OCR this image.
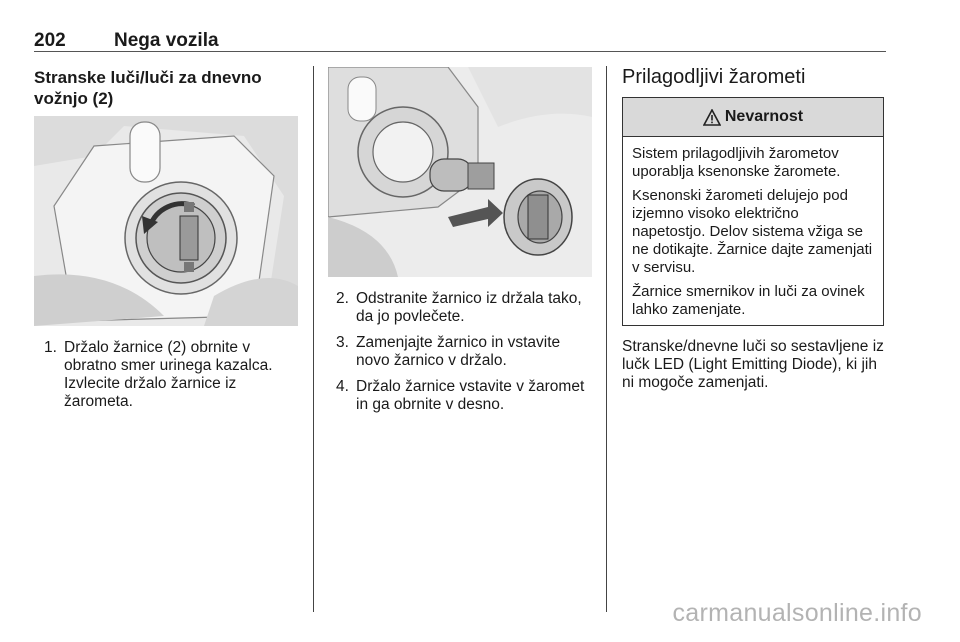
202	Nega vozila
Stranske luči/luči za dnevno vožnjo (2)
1. Držalo žarnice (2) obrnite v obratno smer urinega kazalca. Izvlecite držalo žarnice iz žarometa.
2. Odstranite žarnico iz držala tako, da jo povlečete.
3. Zamenjajte žarnico in vstavite novo žarnico v držalo.
4. Držalo žarnice vstavite v žaromet in ga obrnite v desno.
Prilagodljivi žarometi
Nevarnost

Sistem prilagodljivih žarometov uporablja ksenonske žaromete.

Ksenonski žarometi delujejo pod izjemno visoko električno napetostjo. Delov sistema vžiga se ne dotikajte. Žarnice dajte zamenjati v servisu.

Žarnice smernikov in luči za ovinek lahko zamenjate.

Stranske/dnevne luči so sestavljene iz lučk LED (Light Emitting Diode), ki jih ni mogoče zamenjati.
carmanualsonline.info
